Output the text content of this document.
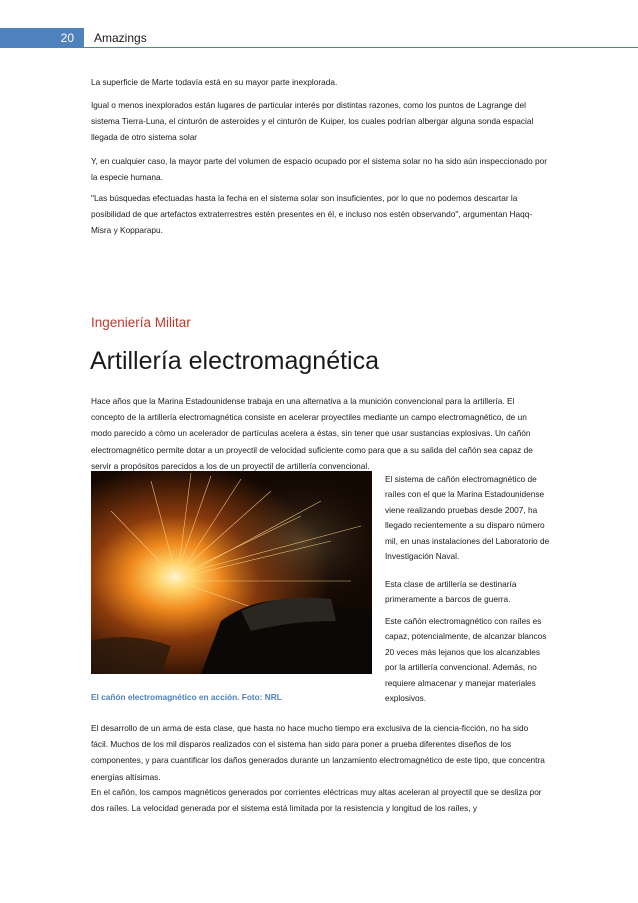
20	Amazings

La superficie de Marte todavía está en su mayor parte inexplorada.

Igual o menos inexplorados están lugares de particular interés por distintas razones, como los puntos de Lagrange del sistema Tierra-Luna, el cinturón de asteroides y el cinturón de Kuiper, los cuales podrían albergar alguna sonda espacial llegada de otro sistema solar

Y, en cualquier caso, la mayor parte del volumen de espacio ocupado por el sistema solar no ha sido aún inspeccionado por la especie humana.

"Las búsquedas efectuadas hasta la fecha en el sistema solar son insuficientes, por lo que no podemos descartar la posibilidad de que artefactos extraterrestres estén presentes en él, e incluso nos estén observando", argumentan Haqq-Misra y Kopparapu.

Ingeniería Militar

Artillería electromagnética

Hace años que la Marina Estadounidense trabaja en una alternativa a la munición convencional para la artillería. El concepto de la artillería electromagnética consiste en acelerar proyectiles mediante un campo electromagnético, de un modo parecido a cómo un acelerador de partículas acelera a éstas, sin tener que usar sustancias explosivas. Un cañón electromagnético permite dotar a un proyectil de velocidad suficiente como para que a su salida del cañón sea capaz de servir a propósitos parecidos a los de un proyectil de artillería convencional.

El cañón electromagnético en acción. Foto: NRL

El sistema de cañón electromagnético de raíles con el que la Marina Estadounidense viene realizando pruebas desde 2007, ha llegado recientemente a su disparo número mil, en unas instalaciones del Laboratorio de Investigación Naval.

Esta clase de artillería se destinaría primeramente a barcos de guerra.

Este cañón electromagnético con raíles es capaz, potencialmente, de alcanzar blancos 20 veces más lejanos que los alcanzables por la artillería convencional. Además, no requiere almacenar y manejar materiales explosivos.

El desarrollo de un arma de esta clase, que hasta no hace mucho tiempo era exclusiva de la ciencia-ficción, no ha sido fácil. Muchos de los mil disparos realizados con el sistema han sido para poner a prueba diferentes diseños de los componentes, y para cuantificar los daños generados durante un lanzamiento electromagnético de este tipo, que concentra energías altísimas.

En el cañón, los campos magnéticos generados por corrientes eléctricas muy altas aceleran al proyectil que se desliza por dos raíles. La velocidad generada por el sistema está limitada por la resistencia y longitud de los raíles, y
